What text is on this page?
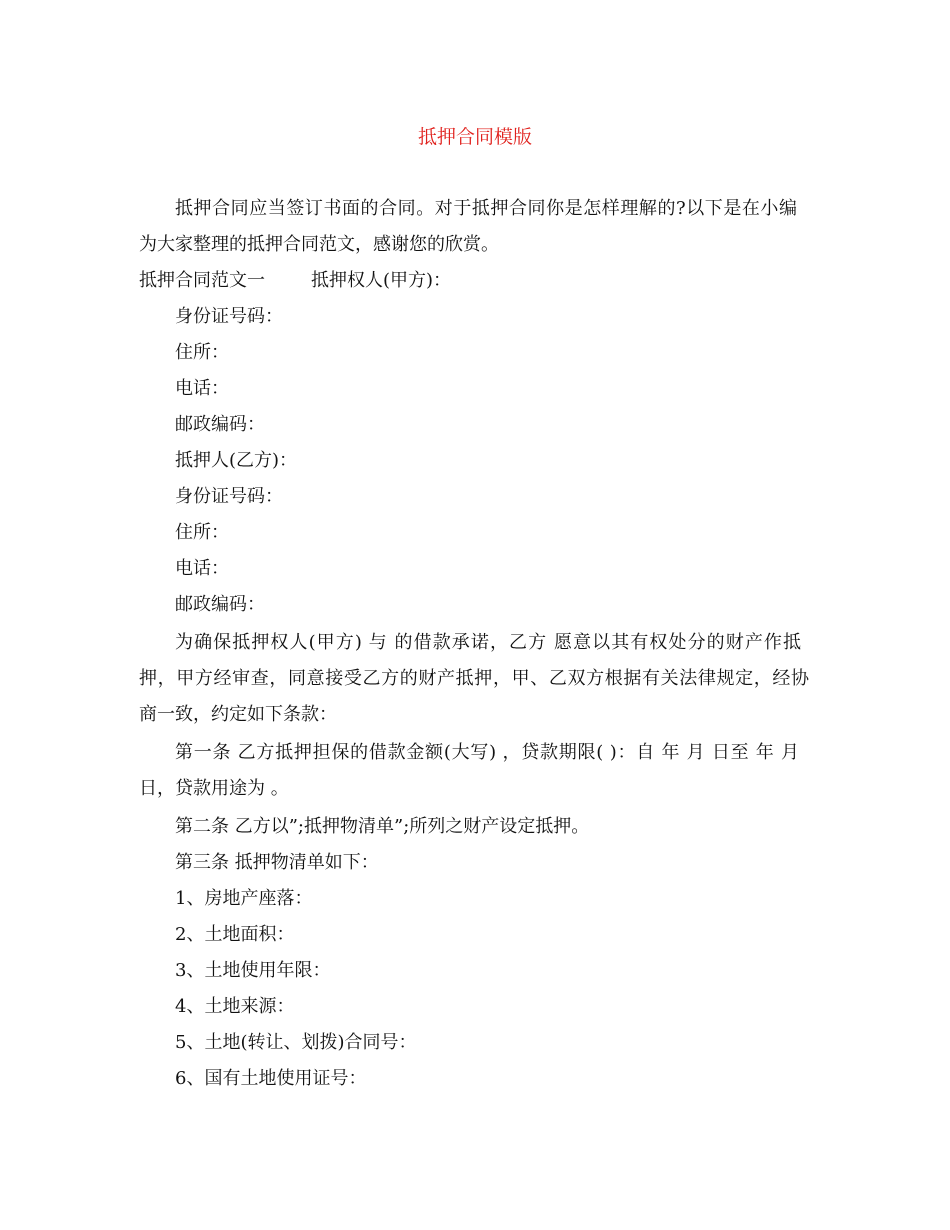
抵押合同模版
抵押合同应当签订书面的合同。对于抵押合同你是怎样理解的?以下是在小编
为大家整理的抵押合同范文，感谢您的欣赏。
抵押合同范文一	抵押权人(甲方)：
身份证号码：
住所：
电话：
邮政编码：
抵押人(乙方)：
身份证号码：
住所：
电话：
邮政编码：
为确保抵押权人(甲方) 与 的借款承诺，乙方 愿意以其有权处分的财产作抵
押，甲方经审查，同意接受乙方的财产抵押，甲、乙双方根据有关法律规定，经协
商一致，约定如下条款：
第一条 乙方抵押担保的借款金额(大写) ，贷款期限( )：自 年 月 日至 年 月
日，贷款用途为 。
第二条 乙方以”;抵押物清单”;所列之财产设定抵押。
第三条 抵押物清单如下：
1、房地产座落：
2、土地面积：
3、土地使用年限：
4、土地来源：
5、土地(转让、划拨)合同号：
6、国有土地使用证号：
